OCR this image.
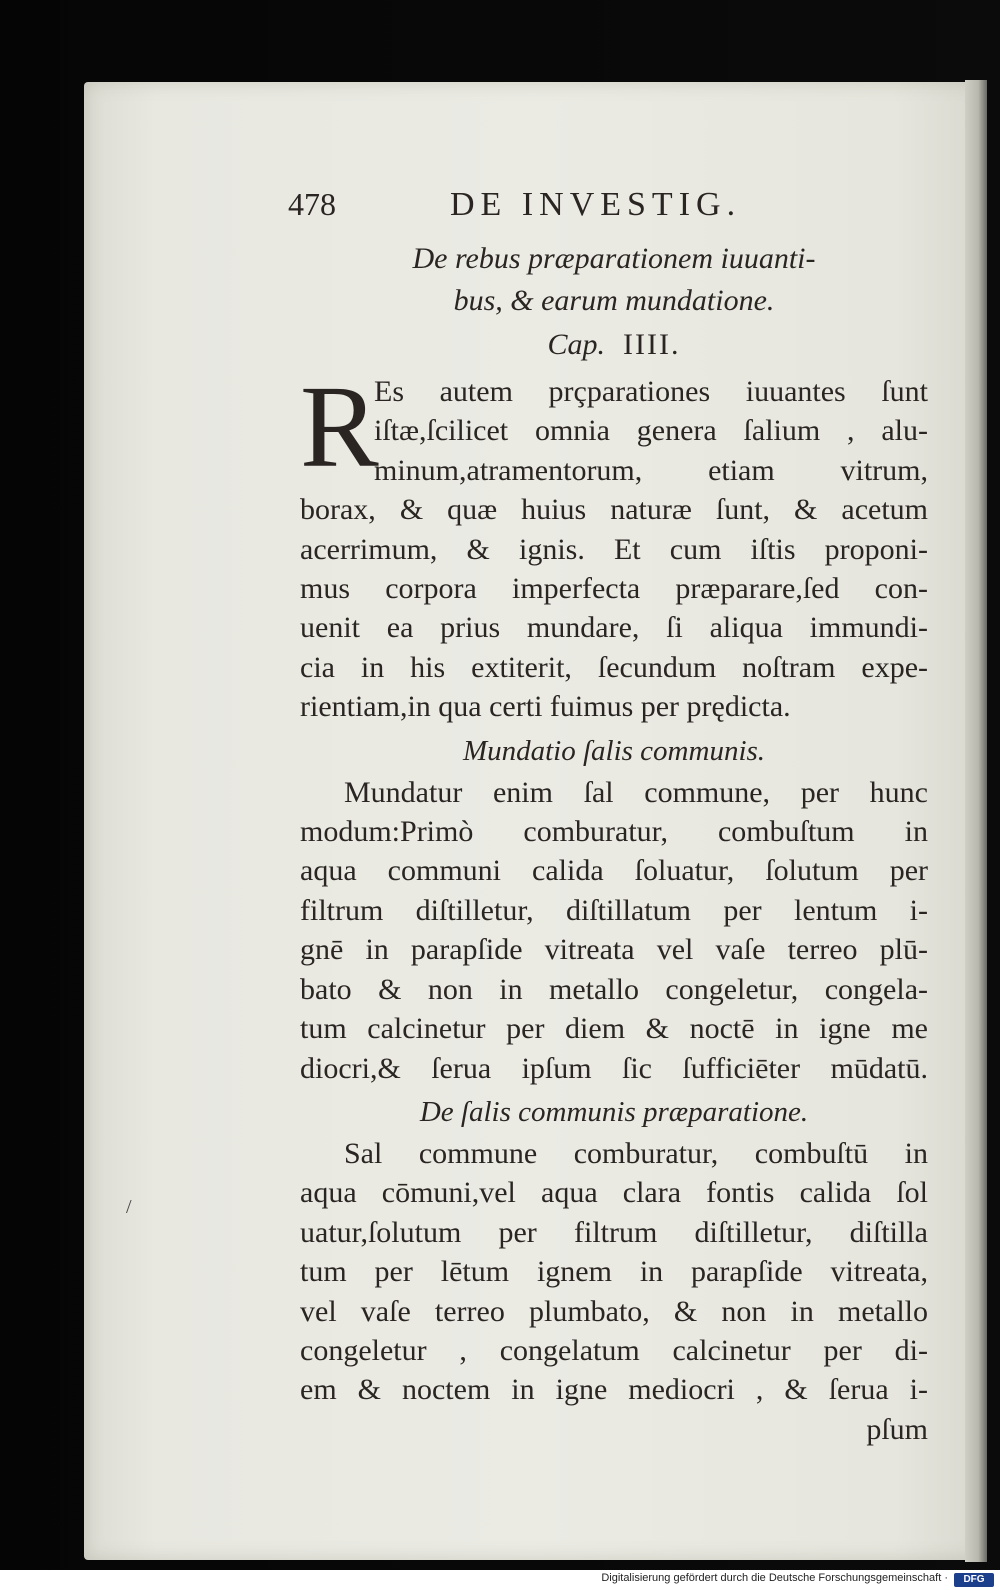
/
478	DE INVESTIG.

De rebus præparationem iuuanti-
bus, & earum mundatione.

Cap. IIII.

R

Es autem prçparationes iuuantes ſunt
iſtæ,ſcilicet omnia genera ſalium , alu-
minum,atramentorum, etiam vitrum,
borax, & quæ huius naturæ ſunt, & acetum
acerrimum, & ignis. Et cum iſtis proponi-
mus corpora imperfecta præparare,ſed con-
uenit ea prius mundare, ſi aliqua immundi-
cia in his extiterit, ſecundum noſtram expe-
rientiam,in qua certi fuimus per prędicta.

Mundatio ſalis communis.

Mundatur enim ſal commune, per hunc
modum:Primò comburatur, combuſtum in
aqua communi calida ſoluatur, ſolutum per
filtrum diſtilletur, diſtillatum per lentum i-
gnē in parapſide vitreata vel vaſe terreo plū-
bato & non in metallo congeletur, congela-
tum calcinetur per diem & noctē in igne me
diocri,& ſerua ipſum ſic ſufficiēter mūdatū.

De ſalis communis præparatione.

Sal commune comburatur, combuſtū in
aqua cōmuni,vel aqua clara fontis calida ſol
uatur,ſolutum per filtrum diſtilletur, diſtilla
tum per lētum ignem in parapſide vitreata,
vel vaſe terreo plumbato, & non in metallo
congeletur , congelatum calcinetur per di-
em & noctem in igne mediocri , & ſerua i-

pſum
Digitalisierung gefördert durch die Deutsche Forschungsgemeinschaft ·	DFG
